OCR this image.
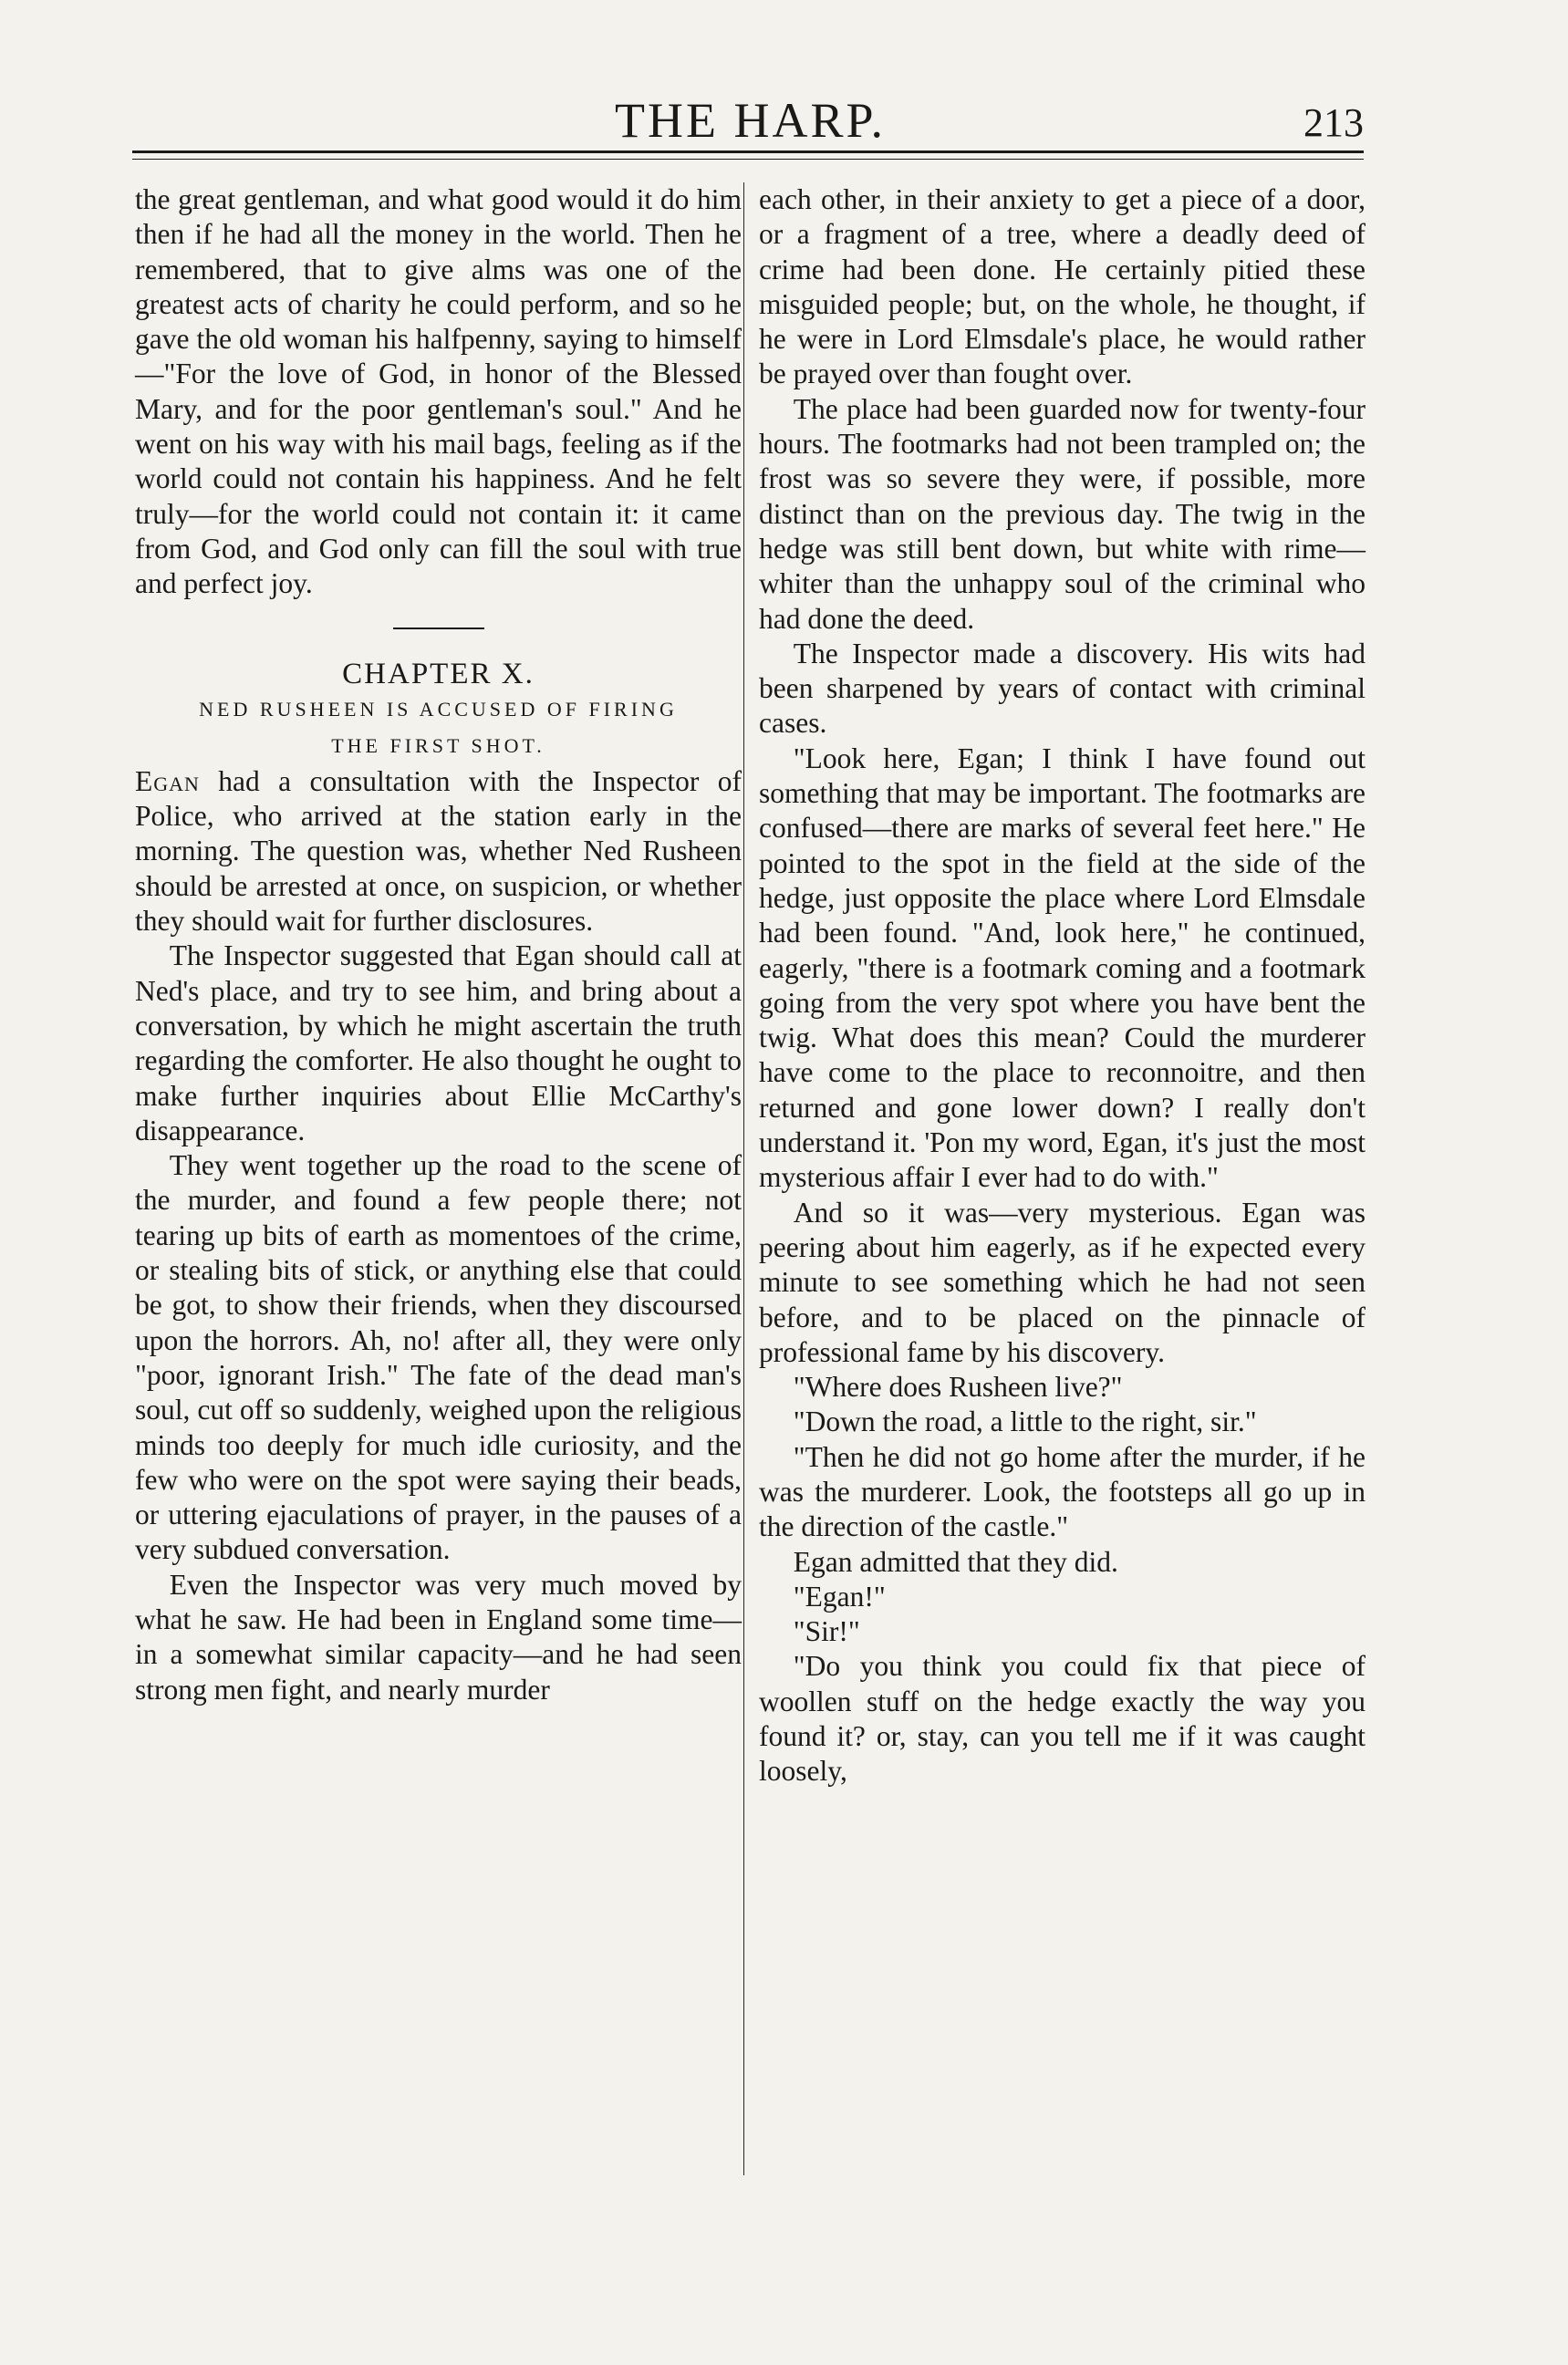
THE HARP.	213

the great gentleman, and what good would it do him then if he had all the money in the world. Then he remembered, that to give alms was one of the greatest acts of charity he could perform, and so he gave the old woman his halfpenny, saying to himself—"For the love of God, in honor of the Blessed Mary, and for the poor gentleman's soul." And he went on his way with his mail bags, feeling as if the world could not contain his happiness. And he felt truly—for the world could not contain it: it came from God, and God only can fill the soul with true and perfect joy.

CHAPTER X.

NED RUSHEEN IS ACCUSED OF FIRING
THE FIRST SHOT.

Egan had a consultation with the Inspector of Police, who arrived at the station early in the morning. The question was, whether Ned Rusheen should be arrested at once, on suspicion, or whether they should wait for further disclosures.

The Inspector suggested that Egan should call at Ned's place, and try to see him, and bring about a conversation, by which he might ascertain the truth regarding the comforter. He also thought he ought to make further inquiries about Ellie McCarthy's disappearance.

They went together up the road to the scene of the murder, and found a few people there; not tearing up bits of earth as momentoes of the crime, or stealing bits of stick, or anything else that could be got, to show their friends, when they discoursed upon the horrors. Ah, no! after all, they were only "poor, ignorant Irish." The fate of the dead man's soul, cut off so suddenly, weighed upon the religious minds too deeply for much idle curiosity, and the few who were on the spot were saying their beads, or uttering ejaculations of prayer, in the pauses of a very subdued conversation.

Even the Inspector was very much moved by what he saw. He had been in England some time—in a somewhat similar capacity—and he had seen strong men fight, and nearly murder

each other, in their anxiety to get a piece of a door, or a fragment of a tree, where a deadly deed of crime had been done. He certainly pitied these misguided people; but, on the whole, he thought, if he were in Lord Elmsdale's place, he would rather be prayed over than fought over.

The place had been guarded now for twenty-four hours. The footmarks had not been trampled on; the frost was so severe they were, if possible, more distinct than on the previous day. The twig in the hedge was still bent down, but white with rime—whiter than the unhappy soul of the criminal who had done the deed.

The Inspector made a discovery. His wits had been sharpened by years of contact with criminal cases.

"Look here, Egan; I think I have found out something that may be important. The footmarks are confused—there are marks of several feet here." He pointed to the spot in the field at the side of the hedge, just opposite the place where Lord Elmsdale had been found. "And, look here," he continued, eagerly, "there is a footmark coming and a footmark going from the very spot where you have bent the twig. What does this mean? Could the murderer have come to the place to reconnoitre, and then returned and gone lower down? I really don't understand it. 'Pon my word, Egan, it's just the most mysterious affair I ever had to do with."

And so it was—very mysterious. Egan was peering about him eagerly, as if he expected every minute to see something which he had not seen before, and to be placed on the pinnacle of professional fame by his discovery.

"Where does Rusheen live?"

"Down the road, a little to the right, sir."

"Then he did not go home after the murder, if he was the murderer. Look, the footsteps all go up in the direction of the castle."

Egan admitted that they did.

"Egan!"

"Sir!"

"Do you think you could fix that piece of woollen stuff on the hedge exactly the way you found it? or, stay, can you tell me if it was caught loosely,
